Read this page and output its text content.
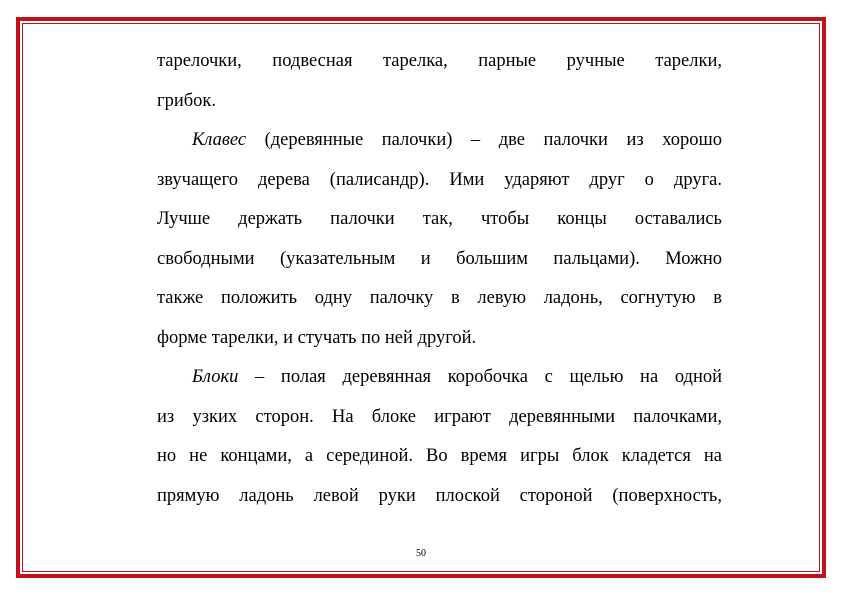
тарелочки, подвесная тарелка, парные ручные тарелки,
грибок.
Клавес (деревянные палочки) – две палочки из хорошо
звучащего дерева (палисандр). Ими ударяют друг о друга.
Лучше держать палочки так, чтобы концы оставались
свободными (указательным и большим пальцами). Можно
также положить одну палочку в левую ладонь, согнутую в
форме тарелки, и стучать по ней другой.
Блоки – полая деревянная коробочка с щелью на одной
из узких сторон. На блоке играют деревянными палочками,
но не концами, а серединой. Во время игры блок кладется на
прямую ладонь левой руки плоской стороной (поверхность,
50
